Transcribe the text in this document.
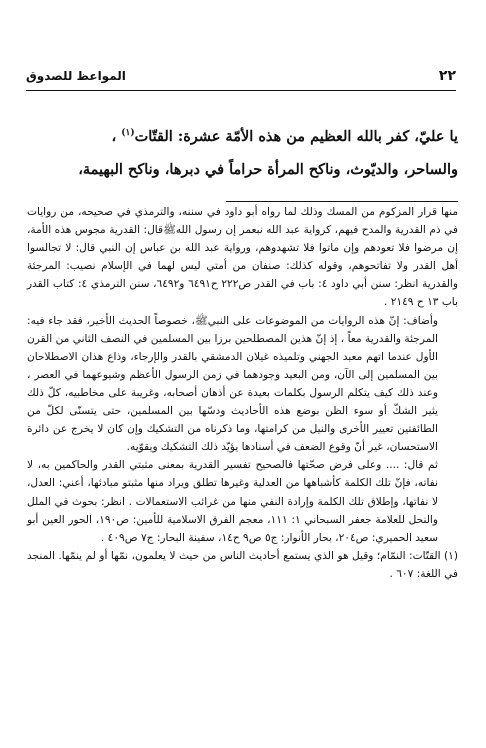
٢٢
المواعظ للصدوق

يا عليّ، كفر بالله العظيم من هذه الأمّة عشرة: القتّات$^{(١)}$ ،

والساحر، والديّوث، وناكح المرأة حراماً في دبرها، وناكح البهيمة،

منها قرار المزكوم من المسك وذلك لما رواه أبو داود في سننه، والترمذي في صحيحه، من روايات في ذم القدرية والمدح فيهم، كرواية عبد الله نبعمر إن رسول اللهﷺقال: القدرية مجوس هذه الأمة، إن مرضوا فلا تعودهم وإن ماتوا فلا تشهدوهم، ورواية عبد الله بن عباس إن النبي قال: لا تجالسوا أهل القدر ولا تفاتحوهم، وقوله كذلك: صنفان من أمتي ليس لهما في الإسلام نصيب: المرجئة والقدرية انظر: سنن أبي داود ٤: باب في القدر ص٢٢٢ ح٦٤٩١ و٦٤٩٢، سنن الترمذي ٤: كتاب القدر باب ١٣ ح ٢١٤٩ .

وأضاف: إنّ هذه الروايات من الموضوعات على النبيﷺ، خصوصاً الحديث الأخير، فقد جاء فيه: المرجئة والقدرية معاً ، إذ إنّ هذين المصطلحين برزا بين المسلمين في النصف الثاني من القرن الأول عندما اتهم معبد الجهني وتلميذه غيلان الدمشقي بالقدر والإرجاء، وذاع هذان الاصطلاحان بين المسلمين إلى الآن، ومن البعيد وجودهما في زمن الرسول الأعظم وشيوعهما في العصر ، وعند ذلك كيف يتكلم الرسول بكلمات بعيدة عن أذهان أصحابه، وغريبة على مخاطبيه، كلّ ذلك يثير الشكّ أو سوء الظن بوضع هذه الأحاديث ودسّها بين المسلمين، حتى يتسنّى لكلّ من الطائفتين تعيير الأخرى والنيل من كرامتها، وما ذكرناه من التشكيك وإن كان لا يخرج عن دائرة الاستحسان، غير أنّ وقوع الضعف في أسنادها يؤيّد ذلك التشكيك ويقوّيه.

ثم قال: .... وعلى فرض صحّتها فالصحيح تفسير القدرية بمعنى مثبتي القدر والحاكمين به، لا نفاته، فإنّ تلك الكلمة كأشباهها من العدلية وغيرها تطلق ويراد منها مثبتو مبادئها، أعني: العدل، لا نفاتها، وإطلاق تلك الكلمة وإرادة النفي منها من غرائب الاستعمالات . انظر: بحوث في الملل والنحل للعلامة جعفر السبحاني ١: ١١١، معجم الفرق الاسلامية للأمين: ص١٩٠، الحور العين أبو سعيد الحميري: ص٢٠٤، بحار الأنوار: ج٥ ص٩ ح١٤، سفينة البحار: ج٧ ص٤٠٩ .

(١) القتّات: النمّام؛ وقيل هو الذي يستمع أحاديث الناس من حيث لا يعلمون، نمّها أو لم ينمّها. المنجد في اللغة: ٦٠٧ .
